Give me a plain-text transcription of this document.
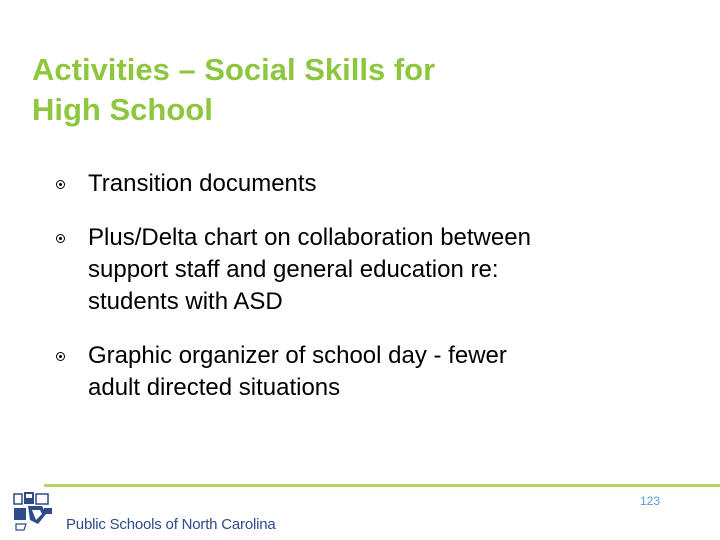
Activities – Social Skills for
High School
Transition documents
Plus/Delta chart on collaboration between
support staff and general education re:
students with ASD
Graphic organizer of school day - fewer
adult directed situations
123
Public Schools of North Carolina
